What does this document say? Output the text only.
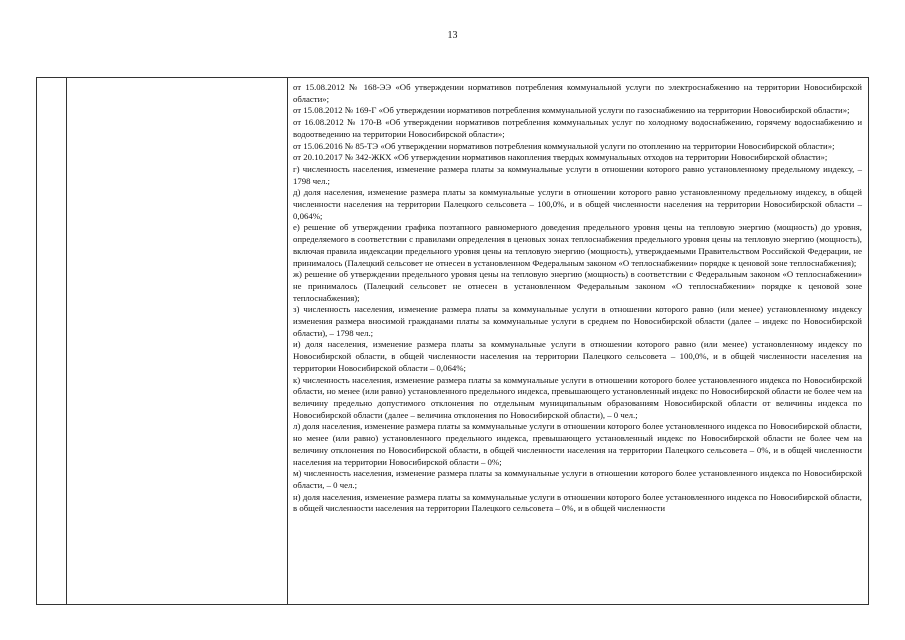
13

от 15.08.2012 № 168-ЭЭ «Об утверждении нормативов потребления коммунальной услуги по электроснабжению на территории Новосибирской области»;

от 15.08.2012 № 169-Г «Об утверждении нормативов потребления коммунальной услуги по газоснабжению на территории Новосибирской области»;

от 16.08.2012 № 170-В «Об утверждении нормативов потребления коммунальных услуг по холодному водоснабжению, горячему водоснабжению и водоотведению на территории Новосибирской области»;

от 15.06.2016 № 85-ТЭ «Об утверждении нормативов потребления коммунальной услуги по отоплению на территории Новосибирской области»;

от 20.10.2017 № 342-ЖКХ «Об утверждении нормативов накопления твердых коммунальных отходов на территории Новосибирской области»;

г) численность населения, изменение размера платы за коммунальные услуги в отношении которого равно установленному предельному индексу, – 1798 чел.;

д) доля населения, изменение размера платы за коммунальные услуги в отношении которого равно установленному предельному индексу, в общей численности населения на территории Палецкого сельсовета – 100,0%, и в общей численности населения на территории Новосибирской области – 0,064%;

е) решение об утверждении графика поэтапного равномерного доведения предельного уровня цены на тепловую энергию (мощность) до уровня, определяемого в соответствии с правилами определения в ценовых зонах теплоснабжения предельного уровня цены на тепловую энергию (мощность), включая правила индексации предельного уровня цены на тепловую энергию (мощность), утверждаемыми Правительством Российской Федерации, не принималось (Палецкий сельсовет не отнесен в установленном Федеральным законом «О теплоснабжении» порядке к ценовой зоне теплоснабжения);

ж) решение об утверждении предельного уровня цены на тепловую энергию (мощность) в соответствии с Федеральным законом «О теплоснабжении» не принималось (Палецкий сельсовет не отнесен в установленном Федеральным законом «О теплоснабжении» порядке к ценовой зоне теплоснабжения);

з) численность населения, изменение размера платы за коммунальные услуги в отношении которого равно (или менее) установленному индексу изменения размера вносимой гражданами платы за коммунальные услуги в среднем по Новосибирской области (далее – индекс по Новосибирской области), – 1798 чел.;

и) доля населения, изменение размера платы за коммунальные услуги в отношении которого равно (или менее) установленному индексу по Новосибирской области, в общей численности населения на территории Палецкого сельсовета – 100,0%, и в общей численности населения на территории Новосибирской области – 0,064%;

к) численность населения, изменение размера платы за коммунальные услуги в отношении которого более установленного индекса по Новосибирской области, но менее (или равно) установленного предельного индекса, превышающего установленный индекс по Новосибирской области не более чем на величину предельно допустимого отклонения по отдельным муниципальным образованиям Новосибирской области от величины индекса по Новосибирской области (далее – величина отклонения по Новосибирской области), – 0 чел.;

л) доля населения, изменение размера платы за коммунальные услуги в отношении которого более установленного индекса по Новосибирской области, но менее (или равно) установленного предельного индекса, превышающего установленный индекс по Новосибирской области не более чем на величину отклонения по Новосибирской области, в общей численности населения на территории Палецкого сельсовета – 0%, и в общей численности населения на территории Новосибирской области – 0%;

м) численность населения, изменение размера платы за коммунальные услуги в отношении которого более установленного индекса по Новосибирской области, – 0 чел.;

н) доля населения, изменение размера платы за коммунальные услуги в отношении которого более установленного индекса по Новосибирской области, в общей численности населения на территории Палецкого сельсовета – 0%, и в общей численности
